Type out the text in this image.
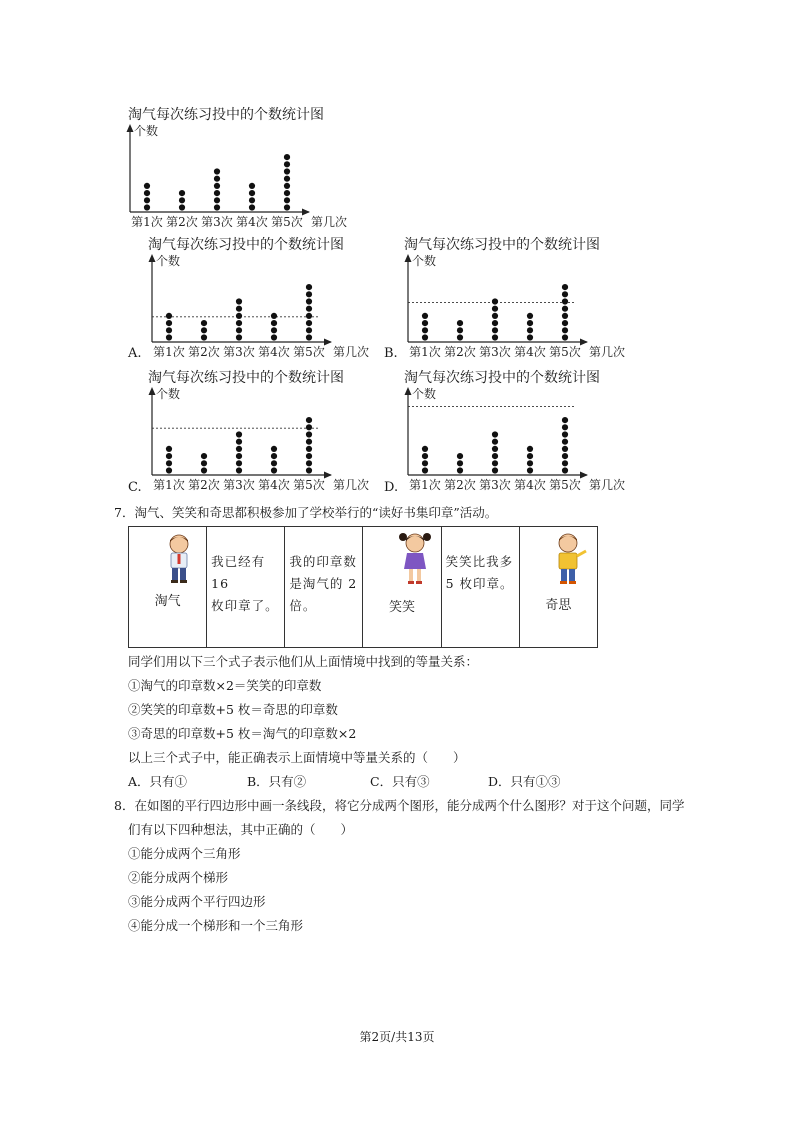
淘气每次练习投中的个数统计图
个数
第1次 第2次 第3次 第4次 第5次 第几次
淘气每次练习投中的个数统计图
A.
个数
第1次 第2次 第3次 第4次 第5次 第几次
淘气每次练习投中的个数统计图
B.
个数
第1次 第2次 第3次 第4次 第5次 第几次
淘气每次练习投中的个数统计图
C.
个数
第1次 第2次 第3次 第4次 第5次 第几次
淘气每次练习投中的个数统计图
D.
个数
第1次 第2次 第3次 第4次 第5次 第几次
7．淘气、笑笑和奇思都积极参加了学校举行的“读好书集印章”活动。
淘气

我已经有 16
枚印章了。

我的印章数
是淘气的 2
倍。	笑笑

笑笑比我多
5 枚印章。

奇思
同学们用以下三个式子表示他们从上面情境中找到的等量关系：
①淘气的印章数×2＝笑笑的印章数
②笑笑的印章数+5 枚＝奇思的印章数
③奇思的印章数+5 枚＝淘气的印章数×2
以上三个式子中，能正确表示上面情境中等量关系的（　　）
A．只有①	B．只有②	C．只有③	D．只有①③
8．在如图的平行四边形中画一条线段，将它分成两个图形，能分成两个什么图形？对于这个问题，同学
们有以下四种想法，其中正确的（　　）
①能分成两个三角形
②能分成两个梯形
③能分成两个平行四边形
④能分成一个梯形和一个三角形
第2页/共13页
